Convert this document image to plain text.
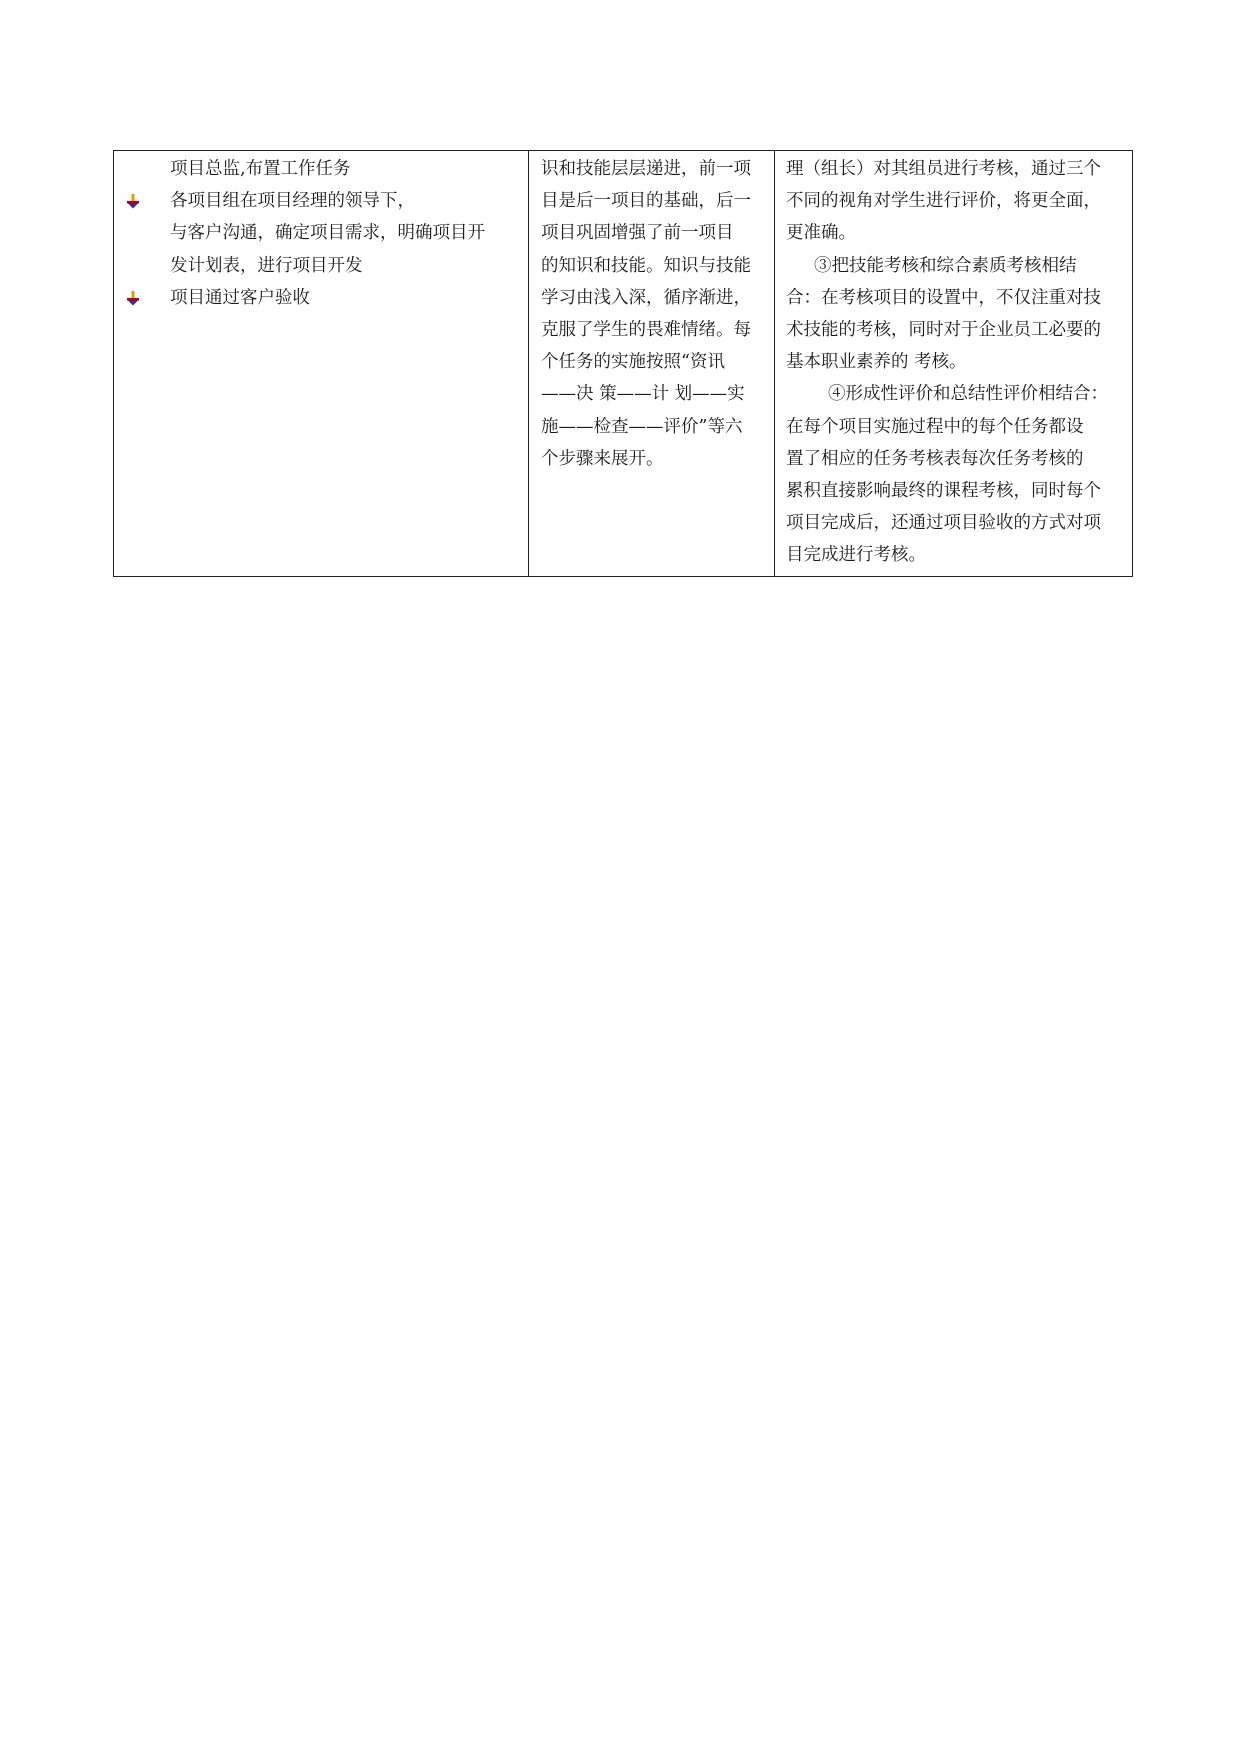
项目总监,布置工作任务
各项目组在项目经理的领导下，
与客户沟通，确定项目需求，明确项目开
发计划表，进行项目开发
项目通过客户验收

识和技能层层递进，前一项
目是后一项目的基础，后一
项目巩固增强了前一项目
的知识和技能。知识与技能
学习由浅入深，循序渐进，
克服了学生的畏难情绪。每
个任务的实施按照“资讯
——决 策——计 划——实
施——检查——评价”等六
个步骤来展开。

理（组长）对其组员进行考核，通过三个
不同的视角对学生进行评价，将更全面，
更准确。
③把技能考核和综合素质考核相结
合：在考核项目的设置中，不仅注重对技
术技能的考核，同时对于企业员工必要的
基本职业素养的 考核。
④形成性评价和总结性评价相结合：
在每个项目实施过程中的每个任务都设
置了相应的任务考核表每次任务考核的
累积直接影响最终的课程考核，同时每个
项目完成后，还通过项目验收的方式对项
目完成进行考核。
